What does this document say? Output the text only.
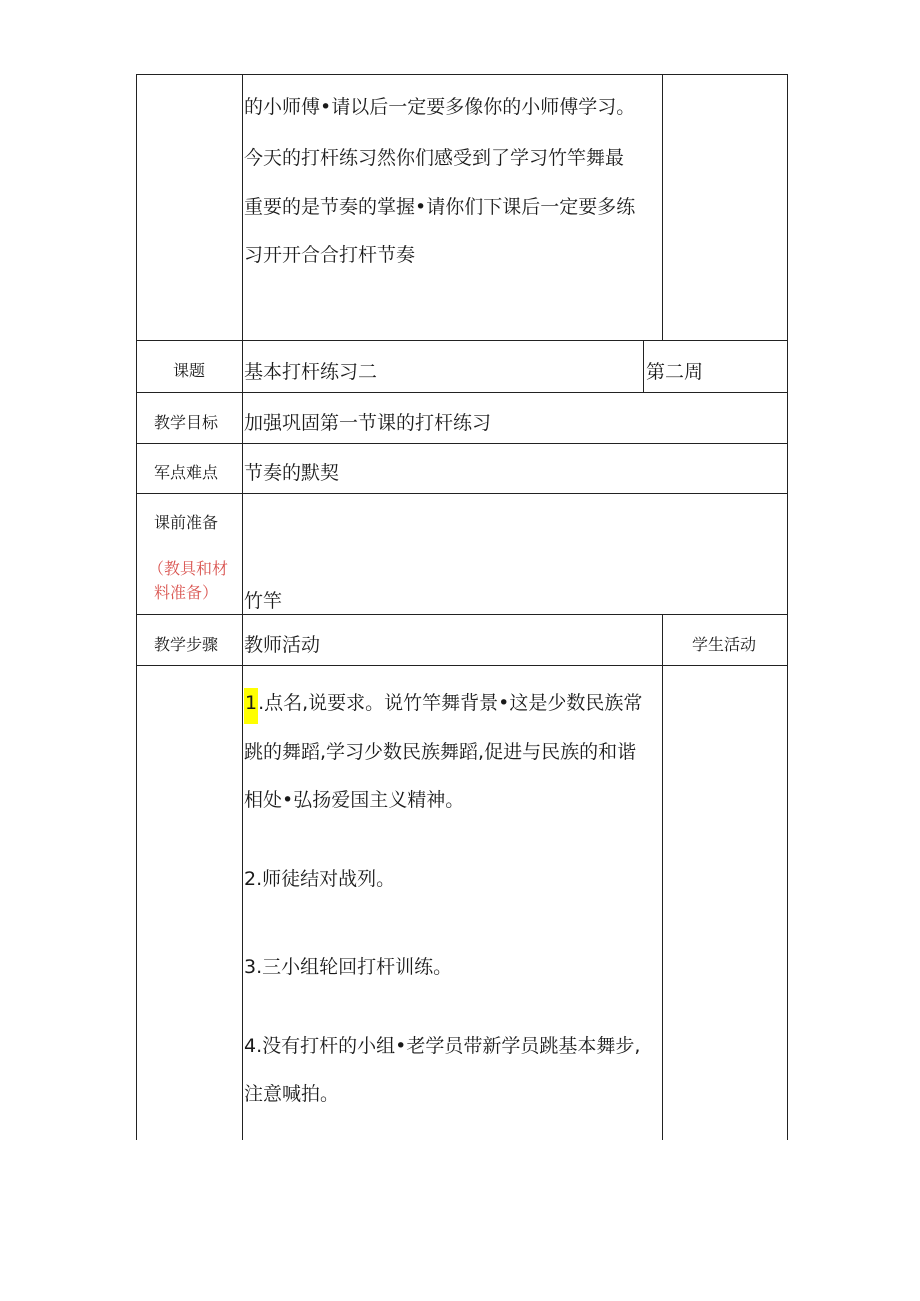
的小师傅•请以后一定要多像你的小师傅学习。
今天的打杆练习然你们感受到了学习竹竿舞最
重要的是节奏的掌握•请你们下课后一定要多练
习开开合合打杆节奏
课题 基本打杆练习二	第二周
教学目标 加强巩固第一节课的打杆练习
军点难点 节奏的默契
课前准备
（教具和材
料准备） 竹竿
教学步骤 教师活动	学生活动
1.点名,说要求。说竹竿舞背景•这是少数民族常
跳的舞蹈,学习少数民族舞蹈,促进与民族的和谐
相处•弘扬爱国主义精神。
2.师徒结对战列。
3.三小组轮回打杆训练。
4.没有打杆的小组•老学员带新学员跳基本舞步,
注意喊拍。
